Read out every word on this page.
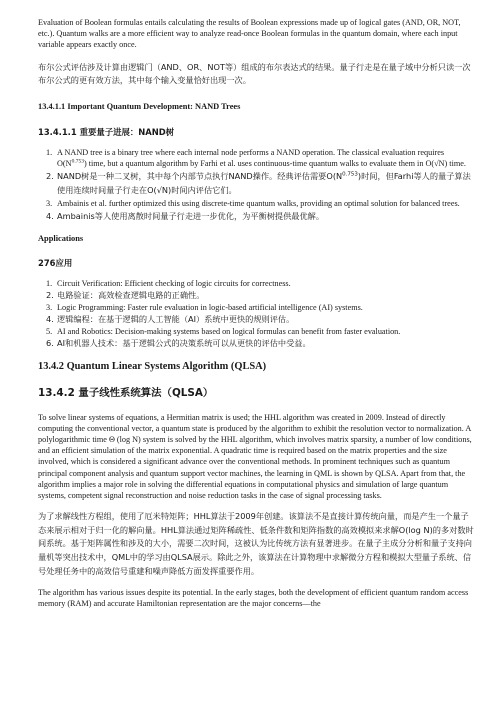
Evaluation of Boolean formulas entails calculating the results of Boolean expressions made up of logical gates (AND, OR, NOT, etc.). Quantum walks are a more efficient way to analyze read-once Boolean formulas in the quantum domain, where each input variable appears exactly once.

布尔公式评估涉及计算由逻辑门（AND、OR、NOT等）组成的布尔表达式的结果。量子行走是在量子域中分析只读一次布尔公式的更有效方法，其中每个输入变量恰好出现一次。

13.4.1.1 Important Quantum Development: NAND Trees

13.4.1.1 重要量子进展：NAND树

1. A NAND tree is a binary tree where each internal node performs a NAND operation. The classical evaluation requires $O(N^{0.753})$ time, but a quantum algorithm by Farhi et al. uses continuous-time quantum walks to evaluate them in O(√N) time.
2. NAND树是一种二叉树，其中每个内部节点执行NAND操作。经典评估需要$O(N^{0.753})$时间，但Farhi等人的量子算法使用连续时间量子行走在O(√N)时间内评估它们。
3. Ambainis et al. further optimized this using discrete-time quantum walks, providing an optimal solution for balanced trees.
4. Ambainis等人使用离散时间量子行走进一步优化，为平衡树提供最优解。

Applications

276应用

1. Circuit Verification: Efficient checking of logic circuits for correctness.
2. 电路验证：高效检查逻辑电路的正确性。
3. Logic Programming: Faster rule evaluation in logic-based artificial intelligence (AI) systems.
4. 逻辑编程：在基于逻辑的人工智能（AI）系统中更快的规则评估。
5. AI and Robotics: Decision-making systems based on logical formulas can benefit from faster evaluation.
6. AI和机器人技术：基于逻辑公式的决策系统可以从更快的评估中受益。

13.4.2 Quantum Linear Systems Algorithm (QLSA)

13.4.2 量子线性系统算法（QLSA）

To solve linear systems of equations, a Hermitian matrix is used; the HHL algorithm was created in 2009. Instead of directly computing the conventional vector, a quantum state is produced by the algorithm to exhibit the resolution vector to normalization. A polylogarithmic time Θ (log N) system is solved by the HHL algorithm, which involves matrix sparsity, a number of low conditions, and an efficient simulation of the matrix exponential. A quadratic time is required based on the matrix properties and the size involved, which is considered a significant advance over the conventional methods. In prominent techniques such as quantum principal component analysis and quantum support vector machines, the learning in QML is shown by QLSA. Apart from that, the algorithm implies a major role in solving the differential equations in computational physics and simulation of large quantum systems, competent signal reconstruction and noise reduction tasks in the case of signal processing tasks.

为了求解线性方程组，使用了厄米特矩阵；HHL算法于2009年创建。该算法不是直接计算传统向量，而是产生一个量子态来展示相对于归一化的解向量。HHL算法通过矩阵稀疏性、低条件数和矩阵指数的高效模拟来求解O(log N)的多对数时间系统。基于矩阵属性和涉及的大小，需要二次时间，这被认为比传统方法有显著进步。在量子主成分分析和量子支持向量机等突出技术中，QML中的学习由QLSA展示。除此之外，该算法在计算物理中求解微分方程和模拟大型量子系统、信号处理任务中的高效信号重建和噪声降低方面发挥重要作用。

The algorithm has various issues despite its potential. In the early stages, both the development of efficient quantum random access memory (RAM) and accurate Hamiltonian representation are the major concerns—the
